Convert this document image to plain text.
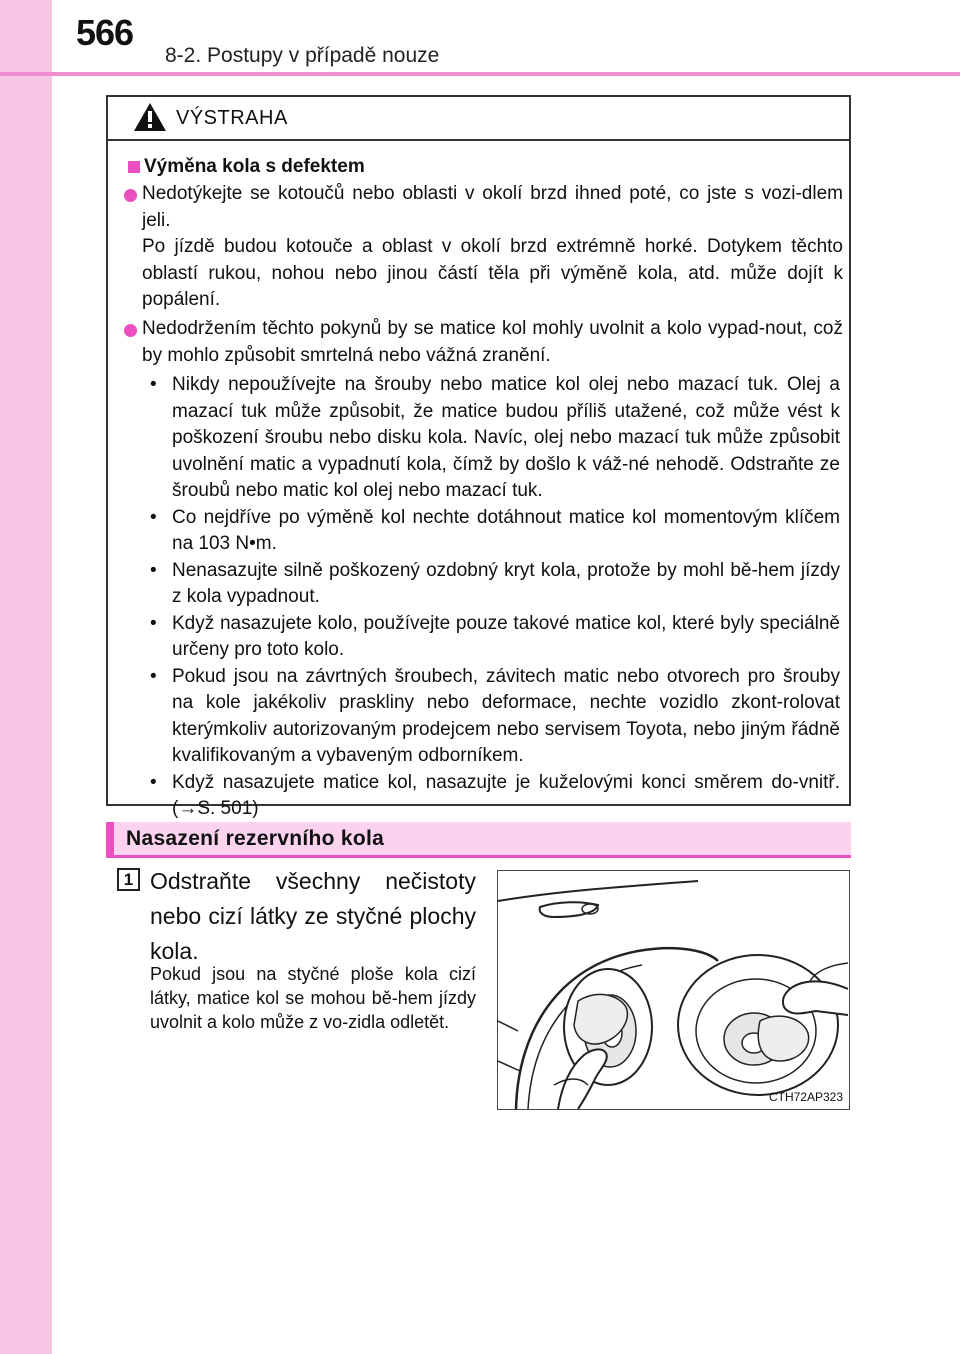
566
8-2. Postupy v případě nouze
VÝSTRAHA
Výměna kola s defektem
Nedotýkejte se kotoučů nebo oblasti v okolí brzd ihned poté, co jste s vozi-dlem jeli.
Po jízdě budou kotouče a oblast v okolí brzd extrémně horké. Dotykem těchto oblastí rukou, nohou nebo jinou částí těla při výměně kola, atd. může dojít k popálení.
Nedodržením těchto pokynů by se matice kol mohly uvolnit a kolo vypad-nout, což by mohlo způsobit smrtelná nebo vážná zranění.
• Nikdy nepoužívejte na šrouby nebo matice kol olej nebo mazací tuk. Olej a mazací tuk může způsobit, že matice budou příliš utažené, což může vést k poškození šroubu nebo disku kola. Navíc, olej nebo mazací tuk může způsobit uvolnění matic a vypadnutí kola, čímž by došlo k váž-né nehodě. Odstraňte ze šroubů nebo matic kol olej nebo mazací tuk.
• Co nejdříve po výměně kol nechte dotáhnout matice kol momentovým klíčem na 103 N•m.
• Nenasazujte silně poškozený ozdobný kryt kola, protože by mohl bě-hem jízdy z kola vypadnout.
• Když nasazujete kolo, používejte pouze takové matice kol, které byly speciálně určeny pro toto kolo.
• Pokud jsou na závrtných šroubech, závitech matic nebo otvorech pro šrouby na kole jakékoliv praskliny nebo deformace, nechte vozidlo zkont-rolovat kterýmkoliv autorizovaným prodejcem nebo servisem Toyota, nebo jiným řádně kvalifikovaným a vybaveným odborníkem.
• Když nasazujete matice kol, nasazujte je kuželovými konci směrem do-vnitř. (→S. 501)
Nasazení rezervního kola
1 Odstraňte všechny nečistoty nebo cizí látky ze styčné plochy kola.
Pokud jsou na styčné ploše kola cizí látky, matice kol se mohou bě-hem jízdy uvolnit a kolo může z vo-zidla odletět.
CTH72AP323
